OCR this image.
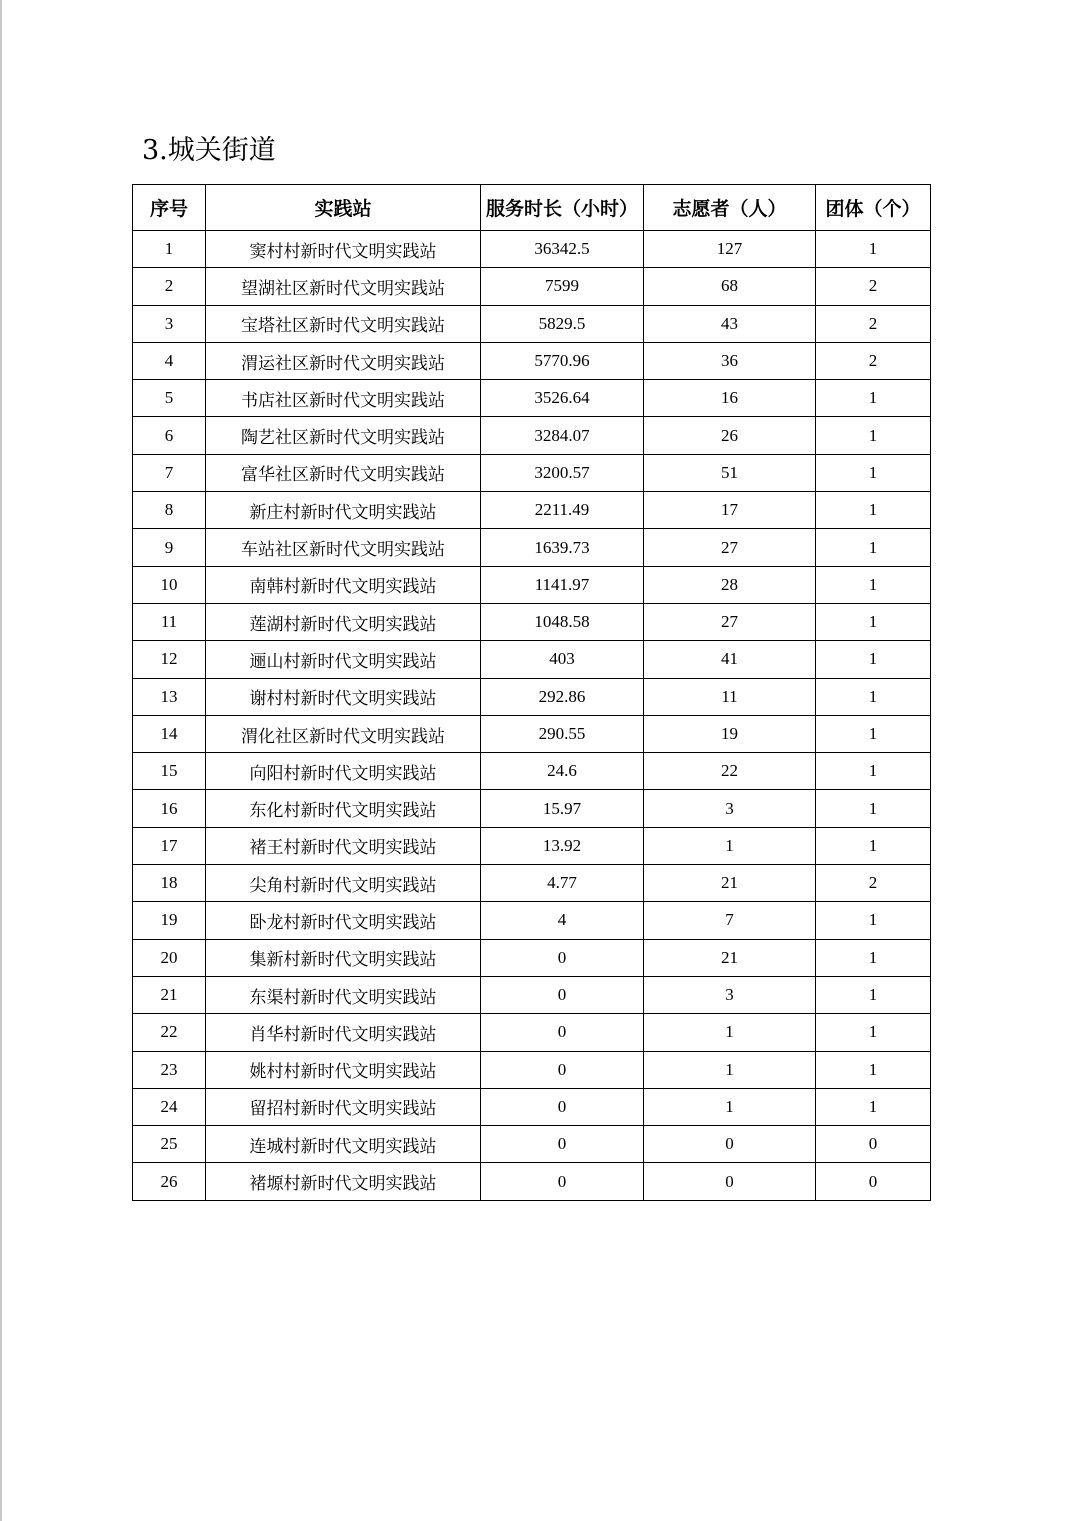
3.城关街道
序号	实践站	服务时长（小时）	志愿者（人）	团体（个）
1	窦村村新时代文明实践站	36342.5	127	1
2	望湖社区新时代文明实践站	7599	68	2
3	宝塔社区新时代文明实践站	5829.5	43	2
4	渭运社区新时代文明实践站	5770.96	36	2
5	书店社区新时代文明实践站	3526.64	16	1
6	陶艺社区新时代文明实践站	3284.07	26	1
7	富华社区新时代文明实践站	3200.57	51	1
8	新庄村新时代文明实践站	2211.49	17	1
9	车站社区新时代文明实践站	1639.73	27	1
10	南韩村新时代文明实践站	1141.97	28	1
11	莲湖村新时代文明实践站	1048.58	27	1
12	逦山村新时代文明实践站	403	41	1
13	谢村村新时代文明实践站	292.86	11	1
14	渭化社区新时代文明实践站	290.55	19	1
15	向阳村新时代文明实践站	24.6	22	1
16	东化村新时代文明实践站	15.97	3	1
17	褚王村新时代文明实践站	13.92	1	1
18	尖角村新时代文明实践站	4.77	21	2
19	卧龙村新时代文明实践站	4	7	1
20	集新村新时代文明实践站	0	21	1
21	东渠村新时代文明实践站	0	3	1
22	肖华村新时代文明实践站	0	1	1
23	姚村村新时代文明实践站	0	1	1
24	留招村新时代文明实践站	0	1	1
25	连城村新时代文明实践站	0	0	0
26	褚塬村新时代文明实践站	0	0	0
